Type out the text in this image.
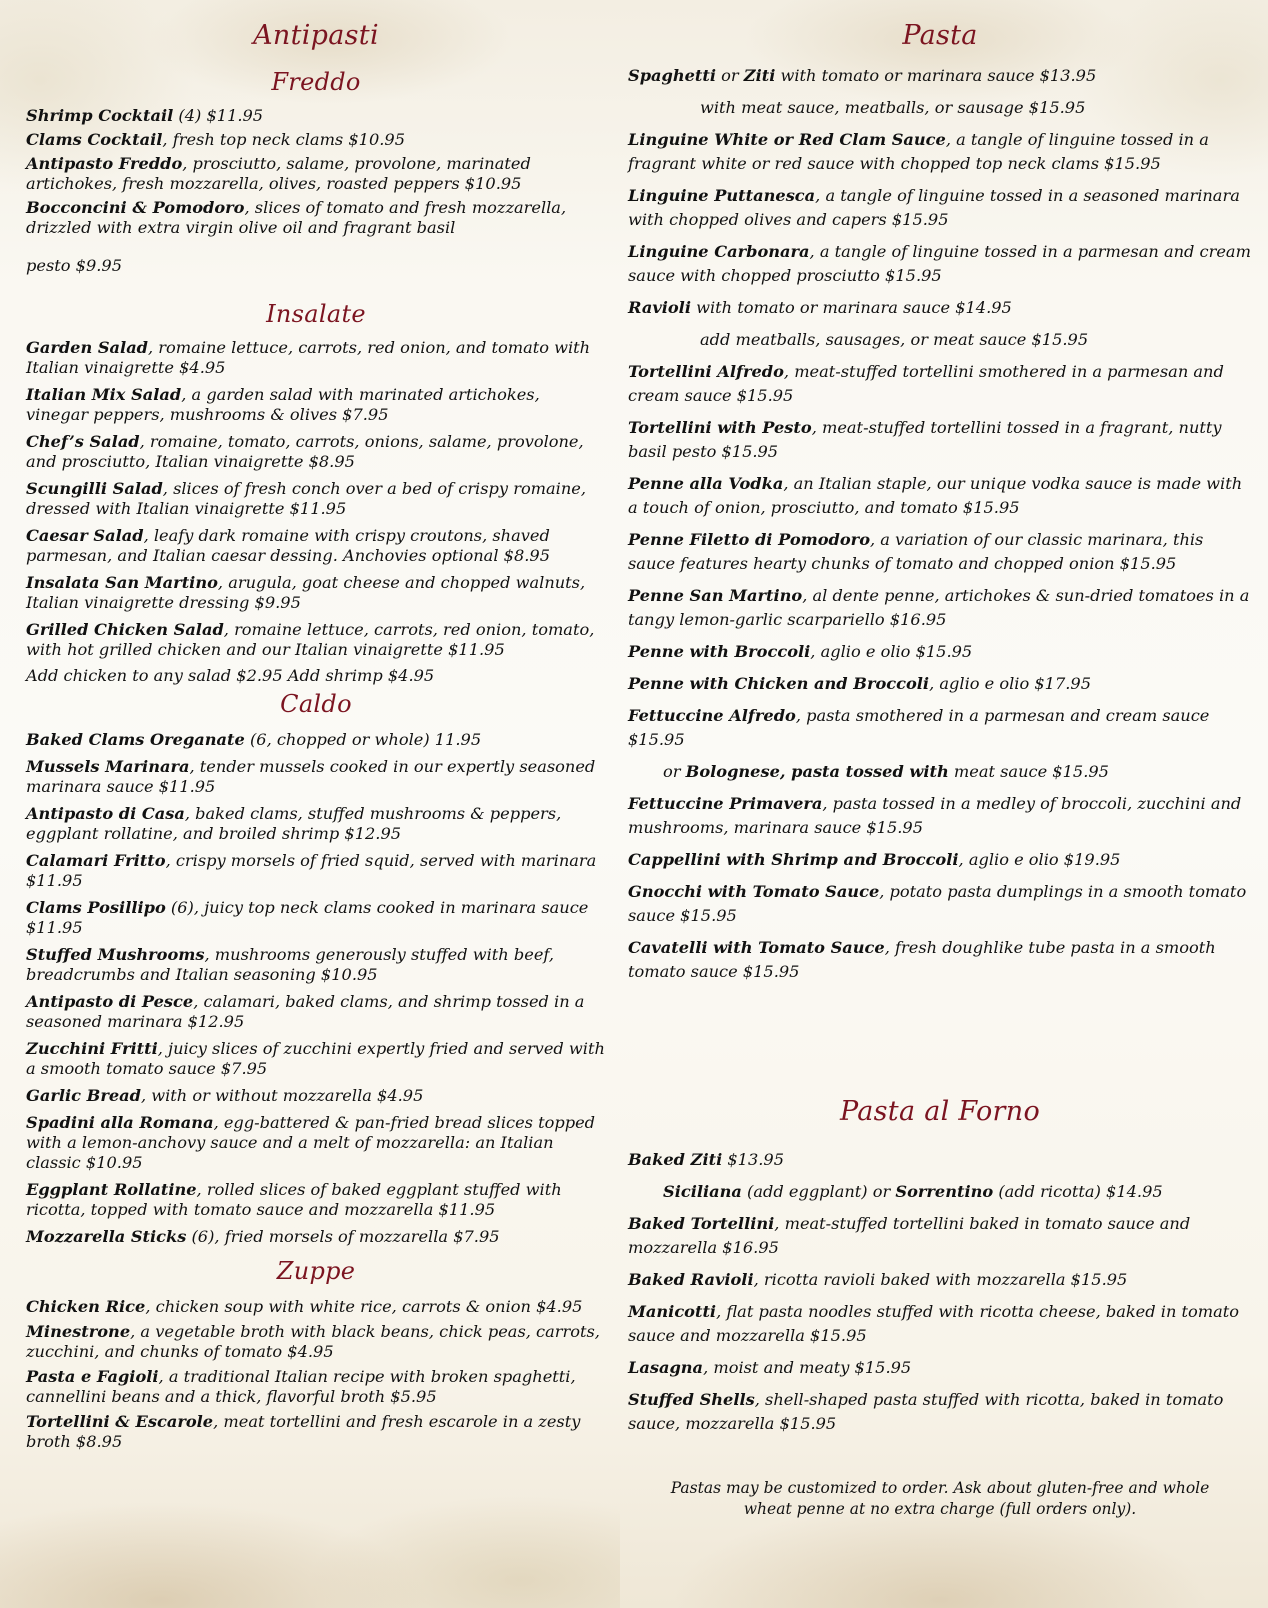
Antipasti
Freddo

Shrimp Cocktail (4) $11.95

Clams Cocktail, fresh top neck clams $10.95

Antipasto Freddo, prosciutto, salame, provolone, marinated artichokes, fresh mozzarella, olives, roasted peppers $10.95

Bocconcini & Pomodoro, slices of tomato and fresh mozzarella, drizzled with extra virgin olive oil and fragrant basil

pesto $9.95

Insalate

Garden Salad, romaine lettuce, carrots, red onion, and tomato with Italian vinaigrette $4.95

Italian Mix Salad, a garden salad with marinated artichokes, vinegar peppers, mushrooms & olives $7.95

Chef’s Salad, romaine, tomato, carrots, onions, salame, provolone, and prosciutto, Italian vinaigrette $8.95

Scungilli Salad, slices of fresh conch over a bed of crispy romaine, dressed with Italian vinaigrette $11.95

Caesar Salad, leafy dark romaine with crispy croutons, shaved parmesan, and Italian caesar dessing. Anchovies optional $8.95

Insalata San Martino, arugula, goat cheese and chopped walnuts, Italian vinaigrette dressing $9.95

Grilled Chicken Salad, romaine lettuce, carrots, red onion, tomato, with hot grilled chicken and our Italian vinaigrette $11.95

Add chicken to any salad $2.95 Add shrimp $4.95

Caldo

Baked Clams Oreganate (6, chopped or whole) 11.95

Mussels Marinara, tender mussels cooked in our expertly seasoned marinara sauce $11.95

Antipasto di Casa, baked clams, stuffed mushrooms & peppers, eggplant rollatine, and broiled shrimp $12.95

Calamari Fritto, crispy morsels of fried squid, served with marinara $11.95

Clams Posillipo (6), juicy top neck clams cooked in marinara sauce $11.95

Stuffed Mushrooms, mushrooms generously stuffed with beef, breadcrumbs and Italian seasoning $10.95

Antipasto di Pesce, calamari, baked clams, and shrimp tossed in a seasoned marinara $12.95

Zucchini Fritti, juicy slices of zucchini expertly fried and served with a smooth tomato sauce $7.95

Garlic Bread, with or without mozzarella $4.95

Spadini alla Romana, egg-battered & pan-fried bread slices topped with a lemon-anchovy sauce and a melt of mozzarella: an Italian classic $10.95

Eggplant Rollatine, rolled slices of baked eggplant stuffed with ricotta, topped with tomato sauce and mozzarella $11.95

Mozzarella Sticks (6), fried morsels of mozzarella $7.95

Zuppe

Chicken Rice, chicken soup with white rice, carrots & onion $4.95

Minestrone, a vegetable broth with black beans, chick peas, carrots, zucchini, and chunks of tomato $4.95

Pasta e Fagioli, a traditional Italian recipe with broken spaghetti, cannellini beans and a thick, flavorful broth $5.95

Tortellini & Escarole, meat tortellini and fresh escarole in a zesty broth $8.95

Pasta

Spaghetti or Ziti with tomato or marinara sauce $13.95

with meat sauce, meatballs, or sausage $15.95

Linguine White or Red Clam Sauce, a tangle of linguine tossed in a fragrant white or red sauce with chopped top neck clams $15.95

Linguine Puttanesca, a tangle of linguine tossed in a seasoned marinara with chopped olives and capers $15.95

Linguine Carbonara, a tangle of linguine tossed in a parmesan and cream sauce with chopped prosciutto $15.95

Ravioli with tomato or marinara sauce $14.95

add meatballs, sausages, or meat sauce $15.95

Tortellini Alfredo, meat-stuffed tortellini smothered in a parmesan and cream sauce $15.95

Tortellini with Pesto, meat-stuffed tortellini tossed in a fragrant, nutty basil pesto $15.95

Penne alla Vodka, an Italian staple, our unique vodka sauce is made with a touch of onion, prosciutto, and tomato $15.95

Penne Filetto di Pomodoro, a variation of our classic marinara, this sauce features hearty chunks of tomato and chopped onion $15.95

Penne San Martino, al dente penne, artichokes & sun-dried tomatoes in a tangy lemon-garlic scarpariello $16.95

Penne with Broccoli, aglio e olio $15.95

Penne with Chicken and Broccoli, aglio e olio $17.95

Fettuccine Alfredo, pasta smothered in a parmesan and cream sauce $15.95

or Bolognese, pasta tossed with meat sauce $15.95

Fettuccine Primavera, pasta tossed in a medley of broccoli, zucchini and mushrooms, marinara sauce $15.95

Cappellini with Shrimp and Broccoli, aglio e olio $19.95

Gnocchi with Tomato Sauce, potato pasta dumplings in a smooth tomato sauce $15.95

Cavatelli with Tomato Sauce, fresh doughlike tube pasta in a smooth tomato sauce $15.95

Pasta al Forno

Baked Ziti $13.95

Siciliana (add eggplant) or Sorrentino (add ricotta) $14.95

Baked Tortellini, meat-stuffed tortellini baked in tomato sauce and mozzarella $16.95

Baked Ravioli, ricotta ravioli baked with mozzarella $15.95

Manicotti, flat pasta noodles stuffed with ricotta cheese, baked in tomato sauce and mozzarella $15.95

Lasagna, moist and meaty $15.95

Stuffed Shells, shell-shaped pasta stuffed with ricotta, baked in tomato sauce, mozzarella $15.95

Pastas may be customized to order. Ask about gluten-free and whole wheat penne at no extra charge (full orders only).
